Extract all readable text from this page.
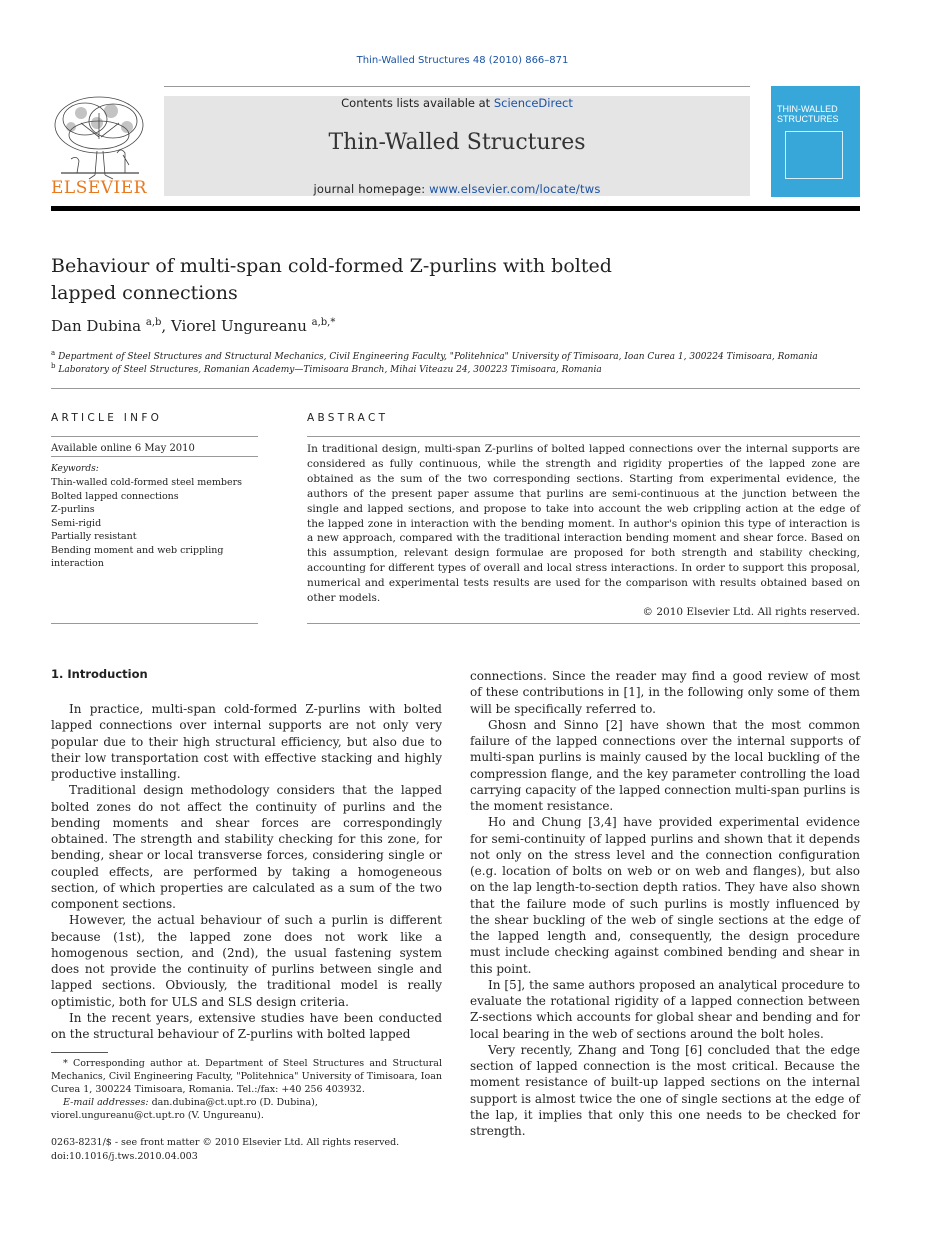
Thin-Walled Structures 48 (2010) 866–871
Contents lists available at ScienceDirect
Thin-Walled Structures
journal homepage: www.elsevier.com/locate/tws
ELSEVIER
THIN-WALLED
STRUCTURES
Behaviour of multi-span cold-formed Z-purlins with bolted
lapped connections
Dan Dubina $^{a,b}$, Viorel Ungureanu $^{a,b,*}$
$^a$ Department of Steel Structures and Structural Mechanics, Civil Engineering Faculty, "Politehnica" University of Timisoara, Ioan Curea 1, 300224 Timisoara, Romania
$^b$ Laboratory of Steel Structures, Romanian Academy—Timisoara Branch, Mihai Viteazu 24, 300223 Timisoara, Romania
ARTICLE INFO
Available online 6 May 2010
Keywords:
Thin-walled cold-formed steel members
Bolted lapped connections
Z-purlins
Semi-rigid
Partially resistant
Bending moment and web crippling
interaction
ABSTRACT
In traditional design, multi-span Z-purlins of bolted lapped connections over the internal supports are considered as fully continuous, while the strength and rigidity properties of the lapped zone are obtained as the sum of the two corresponding sections. Starting from experimental evidence, the authors of the present paper assume that purlins are semi-continuous at the junction between the single and lapped sections, and propose to take into account the web crippling action at the edge of the lapped zone in interaction with the bending moment. In author's opinion this type of interaction is a new approach, compared with the traditional interaction bending moment and shear force. Based on this assumption, relevant design formulae are proposed for both strength and stability checking, accounting for different types of overall and local stress interactions. In order to support this proposal, numerical and experimental tests results are used for the comparison with results obtained based on other models.
© 2010 Elsevier Ltd. All rights reserved.
1. Introduction

In practice, multi-span cold-formed Z-purlins with bolted lapped connections over internal supports are not only very popular due to their high structural efficiency, but also due to their low transportation cost with effective stacking and highly productive installing.

Traditional design methodology considers that the lapped bolted zones do not affect the continuity of purlins and the bending moments and shear forces are correspondingly obtained. The strength and stability checking for this zone, for bending, shear or local transverse forces, considering single or coupled effects, are performed by taking a homogeneous section, of which properties are calculated as a sum of the two component sections.

However, the actual behaviour of such a purlin is different because (1st), the lapped zone does not work like a homogenous section, and (2nd), the usual fastening system does not provide the continuity of purlins between single and lapped sections. Obviously, the traditional model is really optimistic, both for ULS and SLS design criteria.

In the recent years, extensive studies have been conducted on the structural behaviour of Z-purlins with bolted lapped

connections. Since the reader may find a good review of most of these contributions in [1], in the following only some of them will be specifically referred to.

Ghosn and Sinno [2] have shown that the most common failure of the lapped connections over the internal supports of multi-span purlins is mainly caused by the local buckling of the compression flange, and the key parameter controlling the load carrying capacity of the lapped connection multi-span purlins is the moment resistance.

Ho and Chung [3,4] have provided experimental evidence for semi-continuity of lapped purlins and shown that it depends not only on the stress level and the connection configuration (e.g. location of bolts on web or on web and flanges), but also on the lap length-to-section depth ratios. They have also shown that the failure mode of such purlins is mostly influenced by the shear buckling of the web of single sections at the edge of the lapped length and, consequently, the design procedure must include checking against combined bending and shear in this point.

In [5], the same authors proposed an analytical procedure to evaluate the rotational rigidity of a lapped connection between Z-sections which accounts for global shear and bending and for local bearing in the web of sections around the bolt holes.

Very recently, Zhang and Tong [6] concluded that the edge section of lapped connection is the most critical. Because the moment resistance of built-up lapped sections on the internal support is almost twice the one of single sections at the edge of the lap, it implies that only this one needs to be checked for strength.

* Corresponding author at. Department of Steel Structures and Structural Mechanics, Civil Engineering Faculty, "Politehnica" University of Timisoara, Ioan Curea 1, 300224 Timisoara, Romania. Tel.:/fax: +40 256 403932.
E-mail addresses: dan.dubina@ct.upt.ro (D. Dubina),
viorel.ungureanu@ct.upt.ro (V. Ungureanu).
0263-8231/$ - see front matter © 2010 Elsevier Ltd. All rights reserved.
doi:10.1016/j.tws.2010.04.003
